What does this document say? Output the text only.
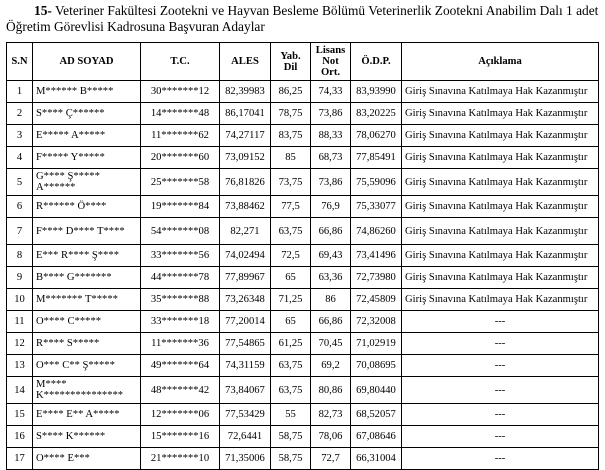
15- Veteriner Fakültesi Zootekni ve Hayvan Besleme Bölümü Veterinerlik Zootekni Anabilim Dalı 1 adet
Öğretim Görevlisi Kadrosuna Başvuran Adaylar
S.N	AD SOYAD	T.C.	ALES	Yab. Dil	Lisans Not Ort.	Ö.D.P.	Açıklama
1	M****** B*****	30*******12	82,39983	86,25	74,33	83,93990	Giriş Sınavına Katılmaya Hak Kazanmıştır
2	S**** Ç******	14*******48	86,17041	78,75	73,86	83,20225	Giriş Sınavına Katılmaya Hak Kazanmıştır
3	E***** A*****	11*******62	74,27117	83,75	88,33	78,06270	Giriş Sınavına Katılmaya Hak Kazanmıştır
4	F***** Y*****	20*******60	73,09152	85	68,73	77,85491	Giriş Sınavına Katılmaya Hak Kazanmıştır
5	G**** Ş***** A******	25*******58	76,81826	73,75	73,86	75,59096	Giriş Sınavına Katılmaya Hak Kazanmıştır
6	R****** Ö****	19*******84	73,88462	77,5	76,9	75,33077	Giriş Sınavına Katılmaya Hak Kazanmıştır
7	F**** D**** T****	54*******08	82,271	63,75	66,86	74,86260	Giriş Sınavına Katılmaya Hak Kazanmıştır
8	E*** R**** Ş****	33*******56	74,02494	72,5	69,43	73,41496	Giriş Sınavına Katılmaya Hak Kazanmıştır
9	B**** G*******	44*******78	77,89967	65	63,36	72,73980	Giriş Sınavına Katılmaya Hak Kazanmıştır
10	M******* T*****	35*******88	73,26348	71,25	86	72,45809	Giriş Sınavına Katılmaya Hak Kazanmıştır
11	O**** C*****	33*******18	77,20014	65	66,86	72,32008	---
12	R**** S*****	11*******36	77,54865	61,25	70,45	71,02919	---
13	O*** C** Ş*****	49*******64	74,31159	63,75	69,2	70,08695	---
14	M**** K***************	48*******42	73,84067	63,75	80,86	69,80440	---
15	E**** E** A*****	12*******06	77,53429	55	82,73	68,52057	---
16	S**** K******	15*******16	72,6441	58,75	78,06	67,08646	---
17	O**** E***	21*******10	71,35006	58,75	72,7	66,31004	---
